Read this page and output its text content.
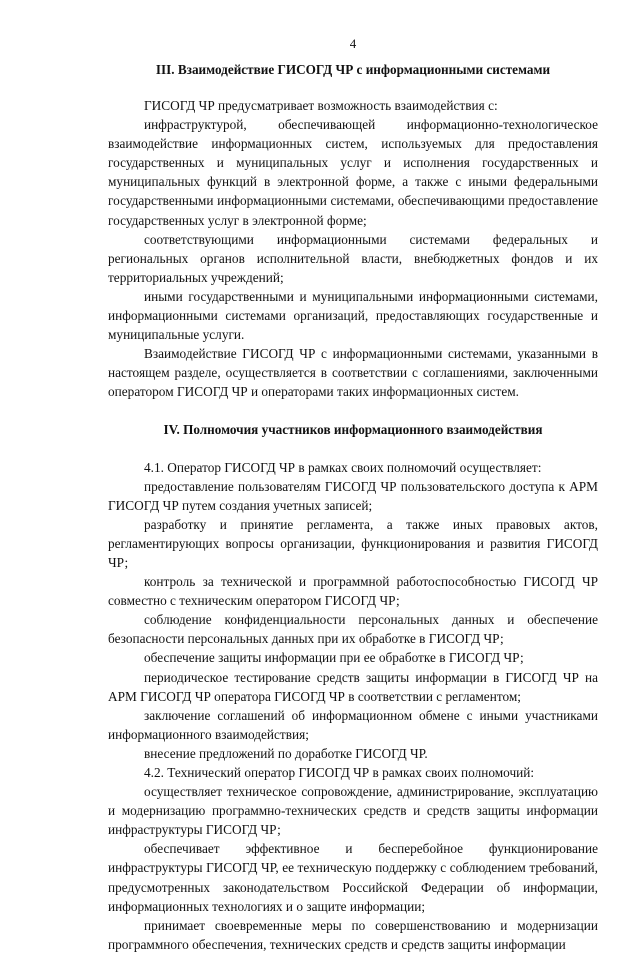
4
III. Взаимодействие ГИСОГД ЧР с информационными системами

ГИСОГД ЧР предусматривает возможность взаимодействия с:

инфраструктурой, обеспечивающей информационно-технологическое взаимодействие информационных систем, используемых для предоставления государственных и муниципальных услуг и исполнения государственных и муниципальных функций в электронной форме, а также с иными федеральными государственными информационными системами, обеспечивающими предоставление государственных услуг в электронной форме;

соответствующими информационными системами федеральных и региональных органов исполнительной власти, внебюджетных фондов и их территориальных учреждений;

иными государственными и муниципальными информационными системами, информационными системами организаций, предоставляющих государственные и муниципальные услуги.

Взаимодействие ГИСОГД ЧР с информационными системами, указанными в настоящем разделе, осуществляется в соответствии с соглашениями, заключенными оператором ГИСОГД ЧР и операторами таких информационных систем.

IV. Полномочия участников информационного взаимодействия

4.1. Оператор ГИСОГД ЧР в рамках своих полномочий осуществляет:

предоставление пользователям ГИСОГД ЧР пользовательского доступа к АРМ ГИСОГД ЧР путем создания учетных записей;

разработку и принятие регламента, а также иных правовых актов, регламентирующих вопросы организации, функционирования и развития ГИСОГД ЧР;

контроль за технической и программной работоспособностью ГИСОГД ЧР совместно с техническим оператором ГИСОГД ЧР;

соблюдение конфиденциальности персональных данных и обеспечение безопасности персональных данных при их обработке в ГИСОГД ЧР;

обеспечение защиты информации при ее обработке в ГИСОГД ЧР;

периодическое тестирование средств защиты информации в ГИСОГД ЧР на АРМ ГИСОГД ЧР оператора ГИСОГД ЧР в соответствии с регламентом;

заключение соглашений об информационном обмене с иными участниками информационного взаимодействия;

внесение предложений по доработке ГИСОГД ЧР.

4.2. Технический оператор ГИСОГД ЧР в рамках своих полномочий:

осуществляет техническое сопровождение, администрирование, эксплуатацию и модернизацию программно-технических средств и средств защиты информации инфраструктуры ГИСОГД ЧР;

обеспечивает эффективное и бесперебойное функционирование инфраструктуры ГИСОГД ЧР, ее техническую поддержку с соблюдением требований, предусмотренных законодательством Российской Федерации об информации, информационных технологиях и о защите информации;

принимает своевременные меры по совершенствованию и модернизации программного обеспечения, технических средств и средств защиты информации
